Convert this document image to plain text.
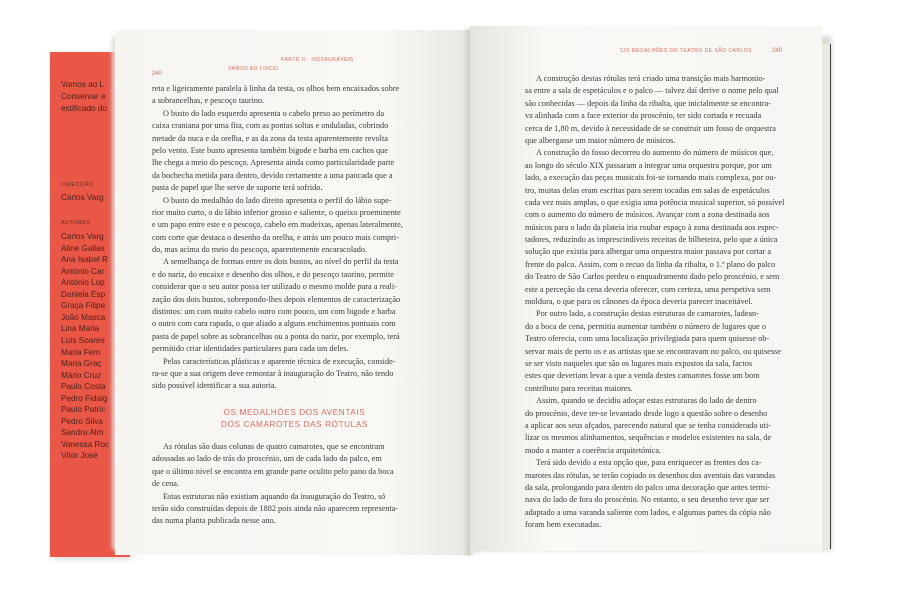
Vamos ao L
Conservar e
estificado do
DIRECÇÃO
Carlos Varg
AUTORES
Carlos Varg
Aline Gallas
Ana Isabel R
António Car
António Lop
Daniela Esp
Graça Filipe
João Masca
Lina Maria
Luís Soares
Maria Fern
Maria Graç
Mário Cruz
Paulo Costa
Pedro Fidalg
Paulo Patríc
Pedro Silva
Sandra Alm
Vanessa Roc
Vítor José
240
VAMOS AO LINCEI
PARTE II · INSTAURÁVEIS
reta e ligeiramente paralela à linha da testa, os olhos bem encaixados sobre
a sobrancelhas, e pescoço taurino.
O busto do lado esquerdo apresenta o cabelo preso ao perímetro da
caixa craniana por uma fita, com as pontas soltas e onduladas, cobrindo
metade da nuca e da orelha, e as da zona da testa aparentemente revolta
pelo vento. Este busto apresenta também bigode e barba em cachos que
lhe chega a meio do pescoço. Apresenta ainda como particularidade parte
da bochecha metida para dentro, devido certamente a uma pancada que a
pasta de papel que lhe serve de suporte terá sofrido.
O busto do medalhão do lado direito apresenta o perfil do lábio supe-
rior muito curto, o do lábio inferior grosso e saliente, o queixo proeminente
e um papo entre este e o pescoço, cabelo em madeixas, apenas lateralmente,
com corte que destaca o desenho da orelha, e atrás um pouco mais compri-
do, mas acima do meio do pescoço, aparentemente encaracolado.
A semelhança de formas entre os dois bustos, ao nível do perfil da testa
e do nariz, do encaixe e desenho dos olhos, e do pescoço taurino, permite
considerar que o seu autor possa ter utilizado o mesmo molde para a reali-
zação dos dois bustos, sobrepondo-lhes depois elementos de caracterização
distintos: um com muito cabelo outro com pouco, um com bigode e barba
o outro com cara rapada, o que aliado a alguns enchimentos pontuais com
pasta de papel sobre as sobrancelhas ou a ponta do nariz, por exemplo, terá
permitido criar identidades particulares para cada um deles.
Pelas características plásticas e aparente técnica de execução, conside-
ra-se que a sua origem deve remontar à inauguração do Teatro, não tendo
sido possível identificar a sua autoria.
OS MEDALHÕES DOS AVENTAIS
DOS CAMAROTES DAS RÓTULAS
As rótulas são duas colunas de quatro camarotes, que se encontram
adossadas ao lado de trás do proscénio, um de cada lado do palco, em
que o último nível se encontra em grande parte ocultto pelo pano da boca
de cena.
Estas estruturas não existiam aquando da inauguração do Teatro, só
terão sido construídas depois de 1882 pois ainda não aparecem representa-
das numa planta publicada nesse ano.
120 MEDALHÕES DO TEATRO DE SÃO CARLOS	249
A construção destas rótulas terá criado uma transição mais harmonio-
sa entre a sala de espetáculos e o palco — talvez daí derive o nome pelo qual
são conhecidas — depois da linha da ribalta, que inicialmente se encontra-
va alinhada com a face exterior do proscénio, ter sido cortada e recuada
cerca de 1,80 m, devido à necessidade de se construir um fosso de orquestra
que albergasse um maior número de músicos.
A construção do fosso decorreu do aumento do número de músicos que,
ao longo do século XIX passaram a integrar uma orquestra porque, por um
lado, a execução das peças musicais foi-se tornando mais complexa, por ou-
tro, muitas delas eram escritas para serem tocadas em salas de espetáculos
cada vez mais amplas, o que exigia uma potência musical superior, só possível
com o aumento do número de músicos. Avançar com a zona destinada aos
músicos para o lado da plateia iria roubar espaço à zona destinada aos espec-
tadores, reduzindo as imprescindíveis receitas de bilheteira, pelo que a única
solução que existia para albergar uma orquestra maior passava por cortar a
frente do palco. Assim, com o recuo da linha da ribalta, o 1.º plano do palco
do Teatro de São Carlos perdeu o enquadramento dado pelo proscénio, e sem
este a perceção da cena deveria oferecer, com certeza, uma perspetiva sem
moldura, o que para os cânones da época deveria parecer inaceitável.
Por outro lado, a construção destas estruturas de camarotes, ladean-
do a boca de cena, permitia aumentar também o número de lugares que o
Teatro oferecia, com uma localização privilegiada para quem quisesse ob-
servar mais de perto os e as artistas que se encontravam no palco, ou quisesse
se ser visto naqueles que são os lugares mais expostos da sala, factos
estes que deveriam levar a que a venda destes camarotes fosse um bom
contributo para receitas maiores.
Assim, quando se decidiu adoçar estas estruturas do lado de dentro
do proscénio, deve ter-se levantado desde logo a questão sobre o desenho
a aplicar aos seus afçados, parecendo natural que se tenha considerado uti-
lizar os mesmos alinhamentos, sequências e modelos existentes na sala, de
modo a manter a coerência arquitetónica.
Terá sido devido a esta opção que, para enriquecer as frentes dos ca-
marotes das rótulas, se terão copiado os desenhos dos aventais das varandas
da sala, prolongando para dentro do palco uma decoração que antes termi-
nava do lado de fora do proscénio. No entanto, o seu desenho teve que ser
adaptado a uma varanda saliente com lados, e algumas partes da cópia não
foram bem executadas.
